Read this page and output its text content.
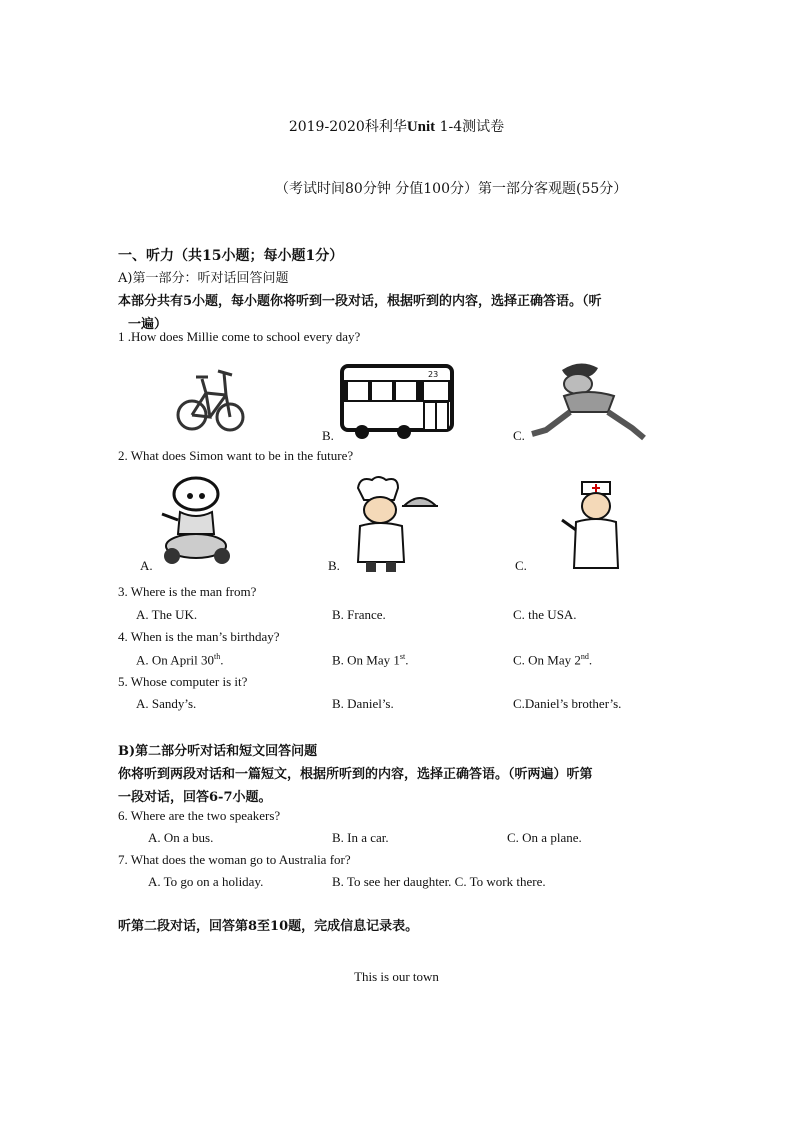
2019-2020科利华Unit 1-4测试卷
（考试时间80分钟 分值100分）第一部分客观题(55分）
一、听力（共15小题；每小题1分）
A)第一部分：听对话回答问题
本部分共有5小题，每小题你将听到一段对话，根据听到的内容，选择正确答语。（听
一遍）
1 .How does Millie come to school every day?
23
B.	C.
2. What does Simon want to be in the future?
A.	B.	C.
3. Where is the man from?
A. The UK.	B. France.	C. the USA.
4. When is the man’s birthday?
A. On April 30th.	B. On May 1st.	C. On May 2nd.
5. Whose computer is it?
A. Sandy’s.	B. Daniel’s.	C.Daniel’s brother’s.
B)第二部分听对话和短文回答问题
你将听到两段对话和一篇短文，根据所听到的内容，选择正确答语。（听两遍）听第
一段对话，回答6-7小题。
6. Where are the two speakers?
A. On a bus.	B. In a car.	C. On a plane.
7. What does the woman go to Australia for?
A. To go on a holiday.	B. To see her daughter. C. To work there.
听第二段对话，回答第8至10题，完成信息记录表。
This is our town
